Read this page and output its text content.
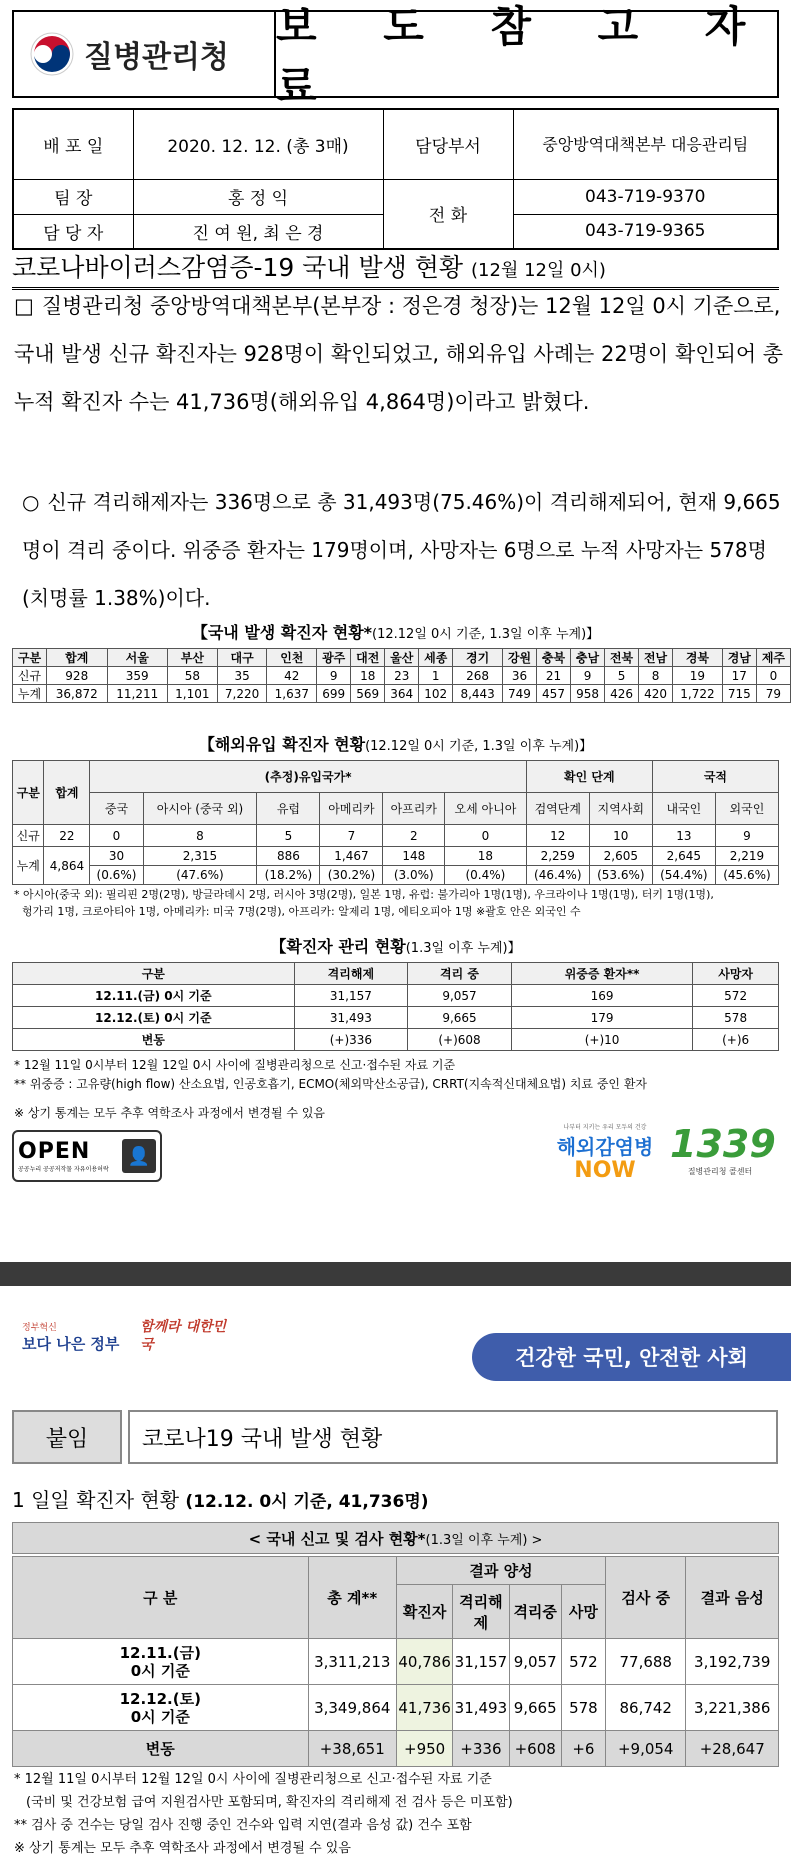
질병관리청
보 도 참 고 자 료
배 포 일	2020. 12. 12. (총 3매)	담당부서	중앙방역대책본부 대응관리팀
팀 장	홍 정 익	전 화	043-719-9370
담 당 자	진 여 원, 최 은 경		043-719-9365
코로나바이러스감염증-19 국내 발생 현황 (12월 12일 0시)
□ 질병관리청 중앙방역대책본부(본부장 : 정은경 청장)는 12월 12일 0시 기준으로, 국내 발생 신규 확진자는 928명이 확인되었고, 해외유입 사례는 22명이 확인되어 총 누적 확진자 수는 41,736명(해외유입 4,864명)이라고 밝혔다.
○ 신규 격리해제자는 336명으로 총 31,493명(75.46%)이 격리해제되어, 현재 9,665명이 격리 중이다. 위중증 환자는 179명이며, 사망자는 6명으로 누적 사망자는 578명(치명률 1.38%)이다.
【국내 발생 확진자 현황*(12.12일 0시 기준, 1.3일 이후 누계)】
구분	합계	서울	부산	대구	인천	광주	대전	울산	세종	경기	강원	충북	충남	전북	전남	경북	경남	제주
신규	928	359	58	35	42	9	18	23	1	268	36	21	9	5	8	19	17	0
누계	36,872	11,211	1,101	7,220	1,637	699	569	364	102	8,443	749	457	958	426	420	1,722	715	79
【해외유입 확진자 현황(12.12일 0시 기준, 1.3일 이후 누계)】
구분	합계	(추정)유입국가*						확인 단계		국적	
		중국	아시아 (중국 외)	유럽	아메리카	아프리카	오세 아니아	검역단계	지역사회	내국인	외국인
신규	22	0	8	5	7	2	0	12	10	13	9
누계	4,864	30	2,315	886	1,467	148	18	2,259	2,605	2,645	2,219
		(0.6%)	(47.6%)	(18.2%)	(30.2%)	(3.0%)	(0.4%)	(46.4%)	(53.6%)	(54.4%)	(45.6%)
* 아시아(중국 외): 필리핀 2명(2명), 방글라데시 2명, 러시아 3명(2명), 일본 1명, 유럽: 불가리아 1명(1명), 우크라이나 1명(1명), 터키 1명(1명),
헝가리 1명, 크로아티아 1명, 아메리카: 미국 7명(2명), 아프리카: 알제리 1명, 에티오피아 1명 ※괄호 안은 외국인 수
【확진자 관리 현황(1.3일 이후 누계)】
구분	격리해제	격리 중	위중증 환자**	사망자
12.11.(금) 0시 기준	31,157	9,057	169	572
12.12.(토) 0시 기준	31,493	9,665	179	578
변동	(+)336	(+)608	(+)10	(+)6
* 12월 11일 0시부터 12월 12일 0시 사이에 질병관리청으로 신고·접수된 자료 기준
** 위중증 : 고유량(high flow) 산소요법, 인공호흡기, ECMO(체외막산소공급), CRRT(지속적신대체요법) 치료 중인 환자
※ 상기 통계는 모두 추후 역학조사 과정에서 변경될 수 있음
OPEN
공공누리 공공저작물 자유이용허락
👤
나부터 지키는 우리 모두의 건강
해외감염병
NOW
1339
질병관리청 콜센터
정부혁신
보다 나은 정부
함께라 대한민국
건강한 국민, 안전한 사회
붙임	코로나19 국내 발생 현황
1 일일 확진자 현황 (12.12. 0시 기준, 41,736명)
< 국내 신고 및 검사 현황* (1.3일 이후 누계) >
구 분	총 계**	결과 양성				검사 중	결과 음성
		확진자	격리해제	격리중	사망		

12.11.(금)
0시 기준	3,311,213	40,786	31,157	9,057	572	77,688	3,192,739

12.12.(토)
0시 기준	3,349,864	41,736	31,493	9,665	578	86,742	3,221,386
변동	+38,651	+950	+336	+608	+6	+9,054	+28,647
* 12월 11일 0시부터 12월 12일 0시 사이에 질병관리청으로 신고·접수된 자료 기준
(국비 및 건강보험 급여 지원검사만 포함되며, 확진자의 격리해제 전 검사 등은 미포함)
** 검사 중 건수는 당일 검사 진행 중인 건수와 입력 지연(결과 음성 값) 건수 포함
※ 상기 통계는 모두 추후 역학조사 과정에서 변경될 수 있음
